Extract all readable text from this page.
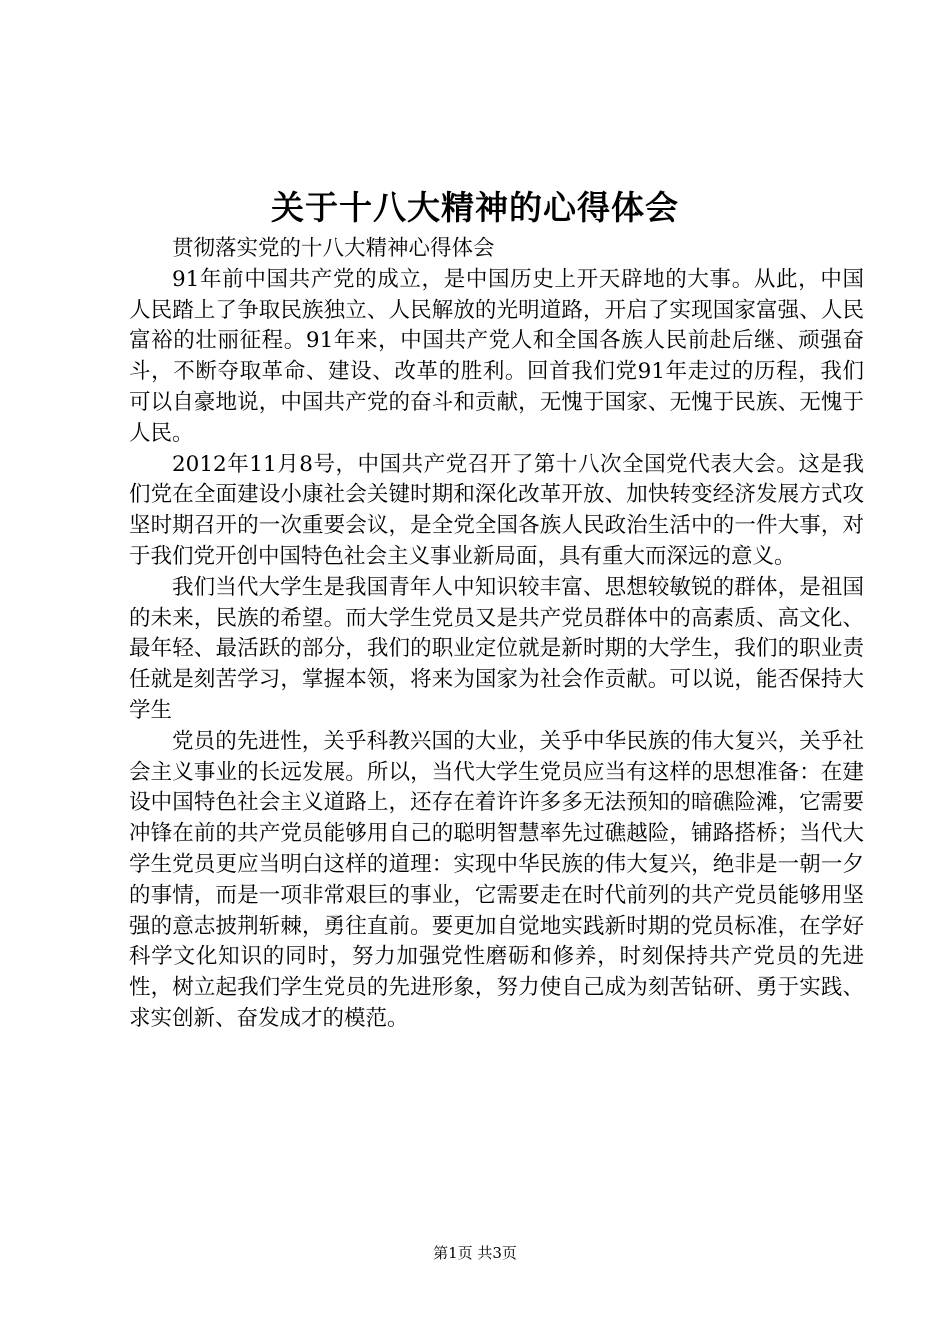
关于十八大精神的心得体会

贯彻落实党的十八大精神心得体会

91年前中国共产党的成立，是中国历史上开天辟地的大事。从此，中国人民踏上了争取民族独立、人民解放的光明道路，开启了实现国家富强、人民富裕的壮丽征程。91年来，中国共产党人和全国各族人民前赴后继、顽强奋斗，不断夺取革命、建设、改革的胜利。回首我们党91年走过的历程，我们可以自豪地说，中国共产党的奋斗和贡献，无愧于国家、无愧于民族、无愧于人民。

2012年11月8号，中国共产党召开了第十八次全国党代表大会。这是我们党在全面建设小康社会关键时期和深化改革开放、加快转变经济发展方式攻坚时期召开的一次重要会议，是全党全国各族人民政治生活中的一件大事，对于我们党开创中国特色社会主义事业新局面，具有重大而深远的意义。

我们当代大学生是我国青年人中知识较丰富、思想较敏锐的群体，是祖国的未来，民族的希望。而大学生党员又是共产党员群体中的高素质、高文化、最年轻、最活跃的部分，我们的职业定位就是新时期的大学生，我们的职业责任就是刻苦学习，掌握本领，将来为国家为社会作贡献。可以说，能否保持大学生

党员的先进性，关乎科教兴国的大业，关乎中华民族的伟大复兴，关乎社会主义事业的长远发展。所以，当代大学生党员应当有这样的思想准备：在建设中国特色社会主义道路上，还存在着许许多多无法预知的暗礁险滩，它需要冲锋在前的共产党员能够用自己的聪明智慧率先过礁越险，铺路搭桥；当代大学生党员更应当明白这样的道理：实现中华民族的伟大复兴，绝非是一朝一夕的事情，而是一项非常艰巨的事业，它需要走在时代前列的共产党员能够用坚强的意志披荆斩棘，勇往直前。要更加自觉地实践新时期的党员标准，在学好科学文化知识的同时，努力加强党性磨砺和修养，时刻保持共产党员的先进性，树立起我们学生党员的先进形象，努力使自己成为刻苦钻研、勇于实践、求实创新、奋发成才的模范。

第1页 共3页
